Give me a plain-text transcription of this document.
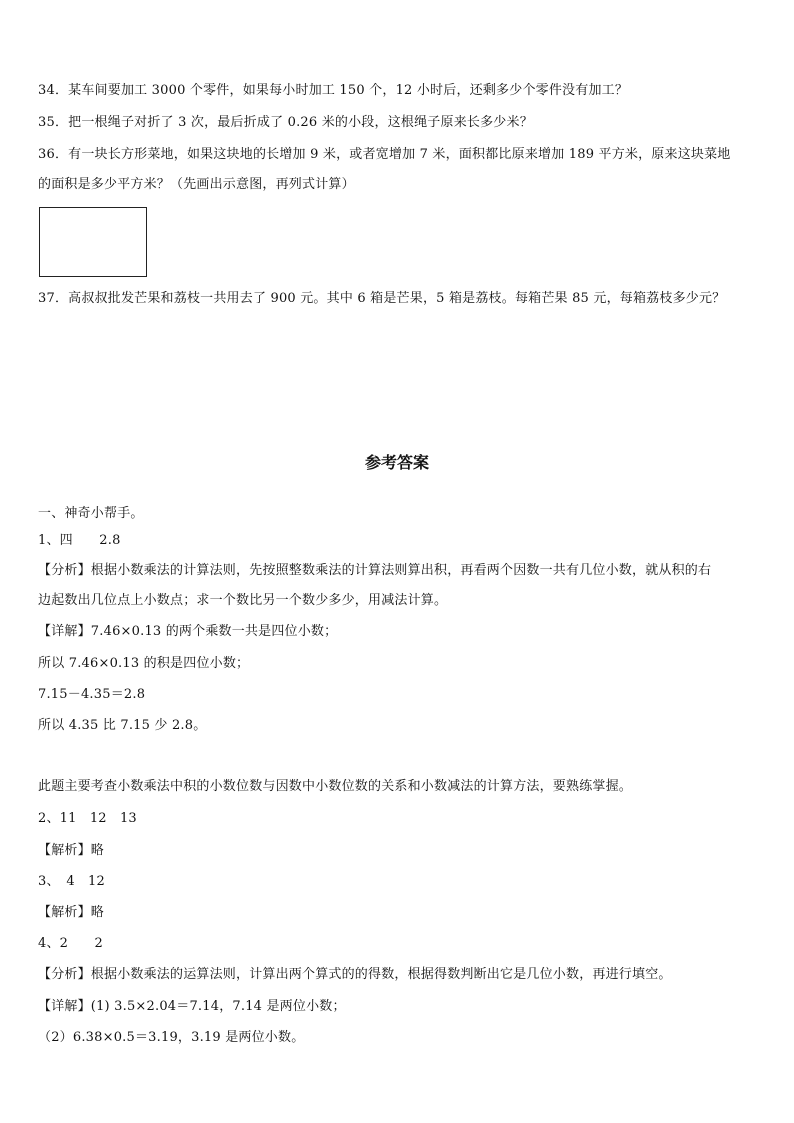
34．某车间要加工 3000 个零件，如果每小时加工 150 个，12 小时后，还剩多少个零件没有加工？
35．把一根绳子对折了 3 次，最后折成了 0.26 米的小段，这根绳子原来长多少米？
36．有一块长方形菜地，如果这块地的长增加 9 米，或者宽增加 7 米，面积都比原来增加 189 平方米，原来这块菜地
的面积是多少平方米？（先画出示意图，再列式计算）
37．高叔叔批发芒果和荔枝一共用去了 900 元。其中 6 箱是芒果，5 箱是荔枝。每箱芒果 85 元，每箱荔枝多少元？
参考答案
一、神奇小帮手。
1、四　　2.8
【分析】根据小数乘法的计算法则，先按照整数乘法的计算法则算出积，再看两个因数一共有几位小数，就从积的右
边起数出几位点上小数点；求一个数比另一个数少多少，用减法计算。
【详解】7.46×0.13 的两个乘数一共是四位小数；
所以 7.46×0.13 的积是四位小数；
7.15－4.35＝2.8
所以 4.35 比 7.15 少 2.8。
此题主要考查小数乘法中积的小数位数与因数中小数位数的关系和小数减法的计算方法，要熟练掌握。
2、11　12　13
【解析】略
3、　4　12
【解析】略
4、2　　2
【分析】根据小数乘法的运算法则，计算出两个算式的的得数，根据得数判断出它是几位小数，再进行填空。
【详解】(1) 3.5×2.04＝7.14，7.14 是两位小数；
（2）6.38×0.5＝3.19，3.19 是两位小数。
